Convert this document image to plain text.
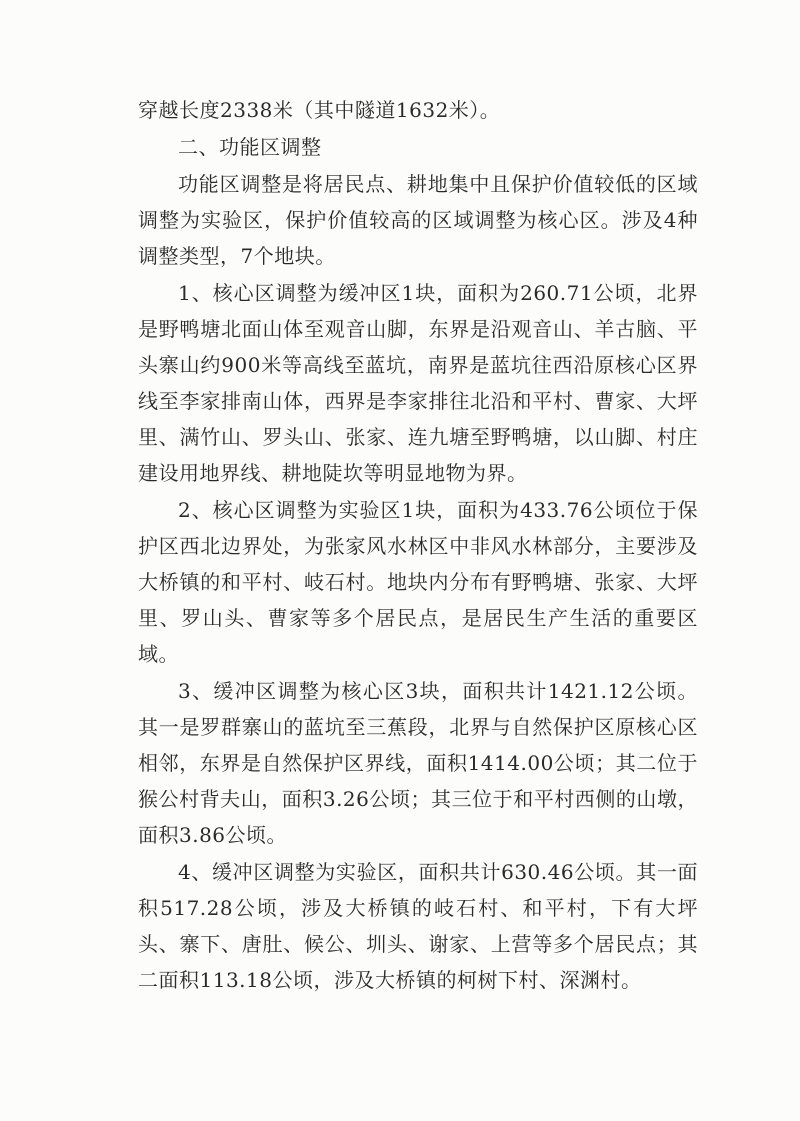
穿越长度2338米（其中隧道1632米）。

二、功能区调整

功能区调整是将居民点、耕地集中且保护价值较低的区域调整为实验区，保护价值较高的区域调整为核心区。涉及4种调整类型，7个地块。

1、核心区调整为缓冲区1块，面积为260.71公顷，北界是野鸭塘北面山体至观音山脚，东界是沿观音山、羊古脑、平头寨山约900米等高线至蓝坑，南界是蓝坑往西沿原核心区界线至李家排南山体，西界是李家排往北沿和平村、曹家、大坪里、满竹山、罗头山、张家、连九塘至野鸭塘，以山脚、村庄建设用地界线、耕地陡坎等明显地物为界。

2、核心区调整为实验区1块，面积为433.76公顷位于保护区西北边界处，为张家风水林区中非风水林部分，主要涉及大桥镇的和平村、岐石村。地块内分布有野鸭塘、张家、大坪里、罗山头、曹家等多个居民点，是居民生产生活的重要区域。

3、缓冲区调整为核心区3块，面积共计1421.12公顷。其一是罗群寨山的蓝坑至三蕉段，北界与自然保护区原核心区相邻，东界是自然保护区界线，面积1414.00公顷；其二位于猴公村背夫山，面积3.26公顷；其三位于和平村西侧的山墩，面积3.86公顷。

4、缓冲区调整为实验区，面积共计630.46公顷。其一面积517.28公顷，涉及大桥镇的岐石村、和平村，下有大坪头、寨下、唐肚、候公、圳头、谢家、上营等多个居民点；其二面积113.18公顷，涉及大桥镇的柯树下村、深渊村。
